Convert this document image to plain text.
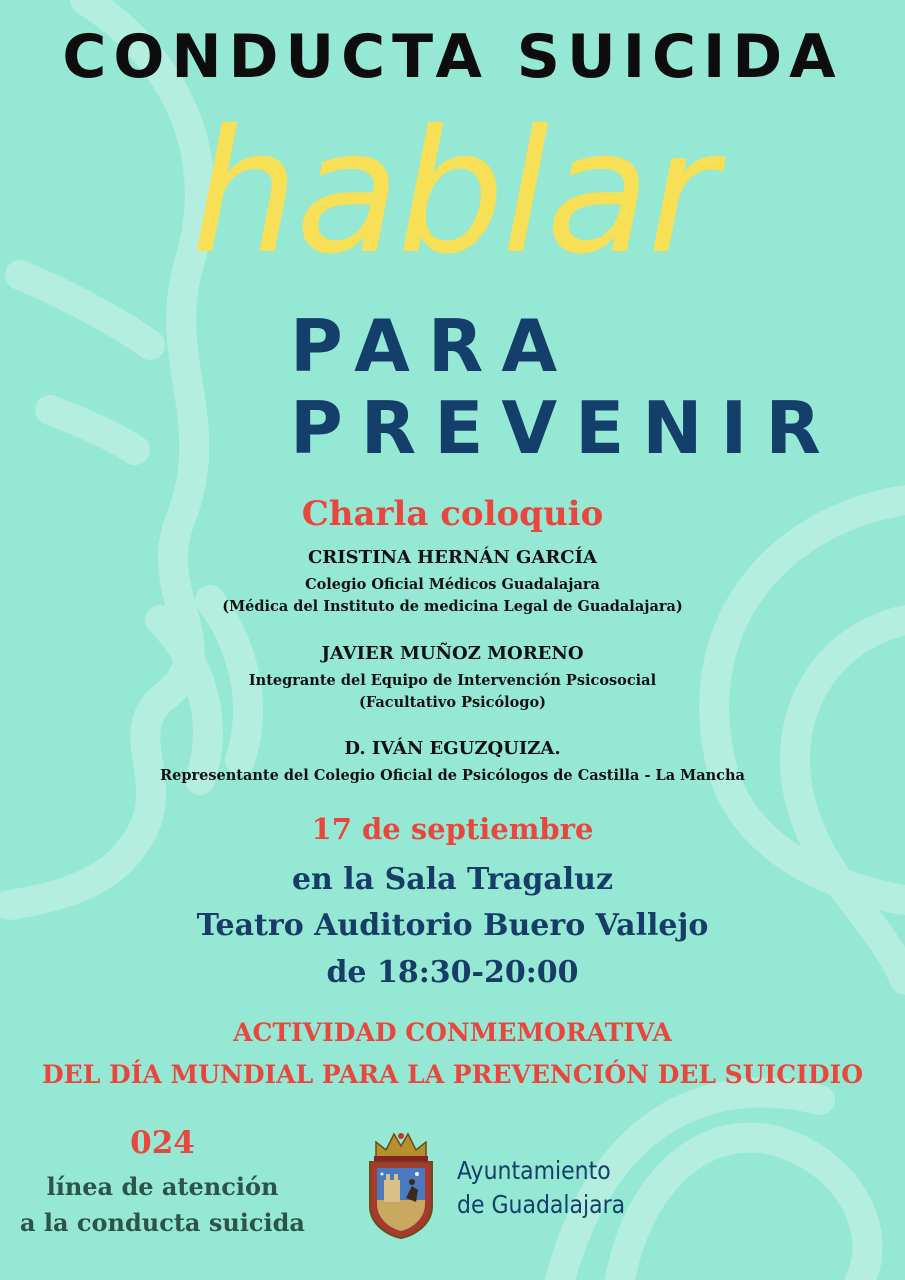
CONDUCTA SUICIDA
hablar
PARA
PREVENIR
Charla coloquio
CRISTINA HERNÁN GARCÍA
Colegio Oficial Médicos Guadalajara
(Médica del Instituto de medicina Legal de Guadalajara)
JAVIER MUÑOZ MORENO
Integrante del Equipo de Intervención Psicosocial
(Facultativo Psicólogo)
D. IVÁN EGUZQUIZA.
Representante del Colegio Oficial de Psicólogos de Castilla - La Mancha
17 de septiembre
en la Sala Tragaluz
Teatro Auditorio Buero Vallejo
de 18:30-20:00
ACTIVIDAD CONMEMORATIVA
DEL DÍA MUNDIAL PARA LA PREVENCIÓN DEL SUICIDIO
024
línea de atención
a la conducta suicida
Ayuntamiento
de Guadalajara
